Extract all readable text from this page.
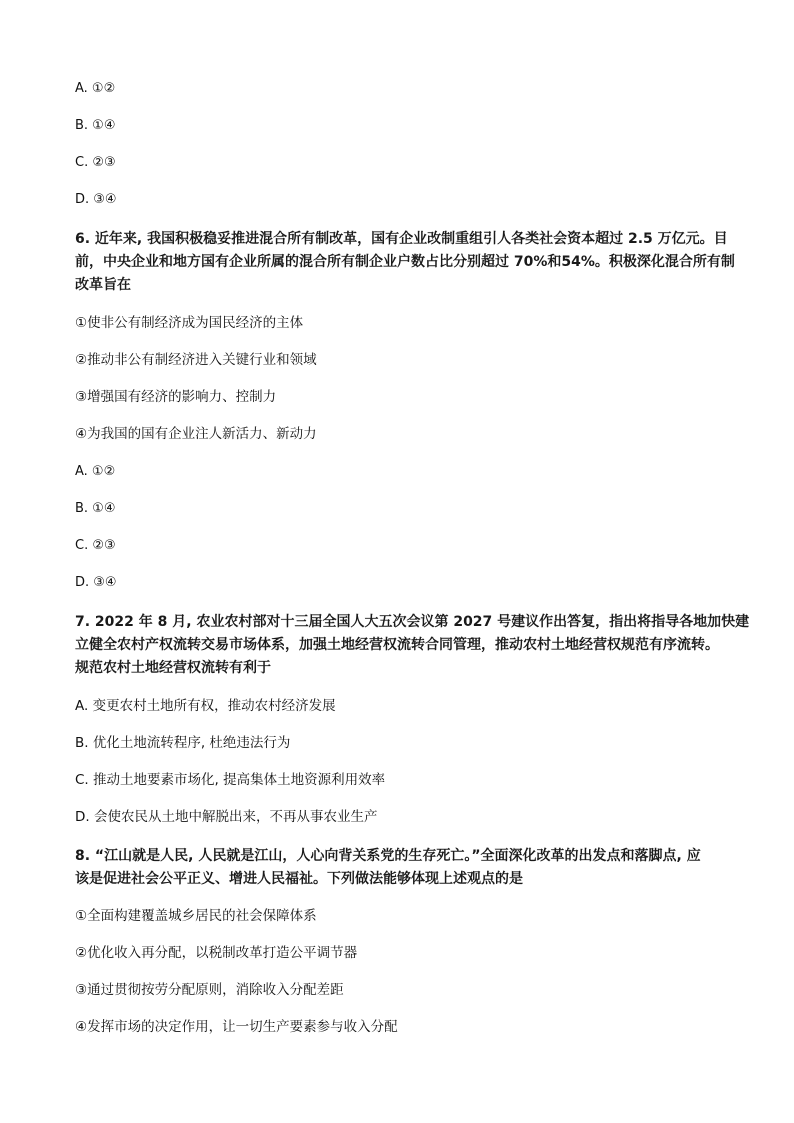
A. ①②
B. ①④
C. ②③
D. ③④
6. 近年来, 我国积极稳妥推进混合所有制改革，国有企业改制重组引人各类社会资本超过 2.5 万亿元。目
前，中央企业和地方国有企业所属的混合所有制企业户数占比分别超过 70%和54%。积极深化混合所有制
改革旨在
①使非公有制经济成为国民经济的主体
②推动非公有制经济进入关键行业和领域
③增强国有经济的影响力、控制力
④为我国的国有企业注人新活力、新动力
A. ①②
B. ①④
C. ②③
D. ③④
7. 2022 年 8 月, 农业农村部对十三届全国人大五次会议第 2027 号建议作出答复，指出将指导各地加快建
立健全农村产权流转交易市场体系，加强土地经营权流转合同管理，推动农村土地经营权规范有序流转。
规范农村土地经营权流转有利于
A. 变更农村土地所有权，推动农村经济发展
B. 优化土地流转程序, 杜绝违法行为
C. 推动土地要素市场化, 提高集体土地资源利用效率
D. 会使农民从土地中解脱出来，不再从事农业生产
8. “江山就是人民, 人民就是江山，人心向背关系党的生存死亡。”全面深化改革的出发点和落脚点, 应
该是促进社会公平正义、增进人民福祉。下列做法能够体现上述观点的是
①全面构建覆盖城乡居民的社会保障体系
②优化收入再分配，以税制改革打造公平调节器
③通过贯彻按劳分配原则，消除收入分配差距
④发挥市场的决定作用，让一切生产要素参与收入分配
